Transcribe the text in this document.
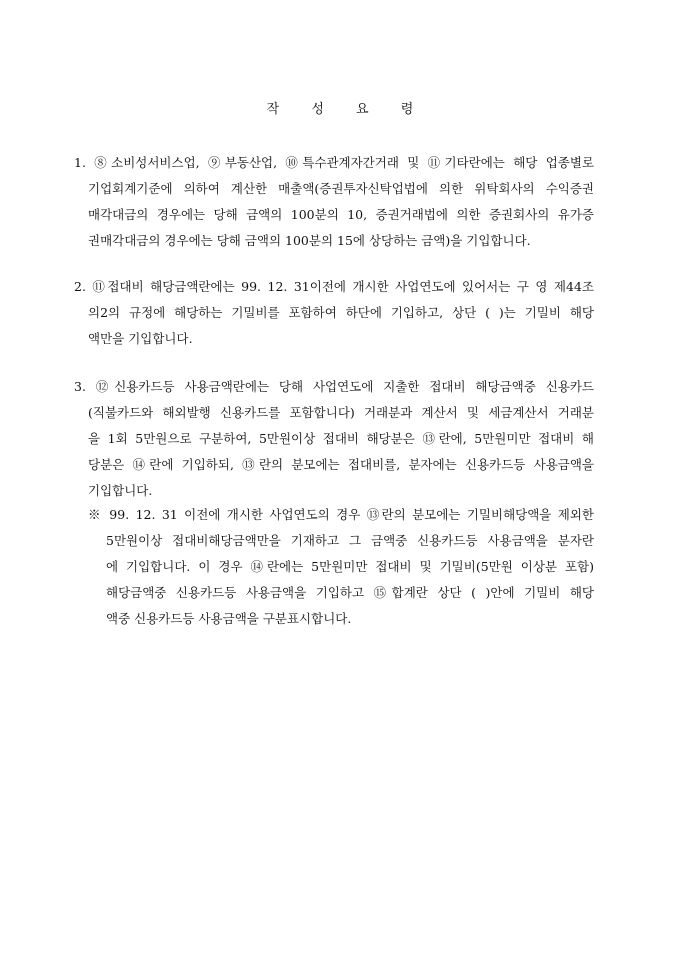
작 성 요 령
1. ⑧소비성서비스업, ⑨부동산업, ⑩특수관계자간거래 및 ⑪기타란에는 해당 업종별로
기업회계기준에 의하여 계산한 매출액(증권투자신탁업법에 의한 위탁회사의 수익증권
매각대금의 경우에는 당해 금액의 100분의 10, 증권거래법에 의한 증권회사의 유가증
권매각대금의 경우에는 당해 금액의 100분의 15에 상당하는 금액)을 기입합니다.
2. ⑪접대비 해당금액란에는 99. 12. 31이전에 개시한 사업연도에 있어서는 구 영 제44조
의2의 규정에 해당하는 기밀비를 포함하여 하단에 기입하고, 상단 ( )는 기밀비 해당
액만을 기입합니다.
3. ⑫신용카드등 사용금액란에는 당해 사업연도에 지출한 접대비 해당금액중 신용카드
(직불카드와 해외발행 신용카드를 포함합니다) 거래분과 계산서 및 세금계산서 거래분
을 1회 5만원으로 구분하여, 5만원이상 접대비 해당분은 ⑬란에, 5만원미만 접대비 해
당분은 ⑭란에 기입하되, ⑬란의 분모에는 접대비를, 분자에는 신용카드등 사용금액을
기입합니다.
※ 99. 12. 31 이전에 개시한 사업연도의 경우 ⑬란의 분모에는 기밀비해당액을 제외한
5만원이상 접대비해당금액만을 기재하고 그 금액중 신용카드등 사용금액을 분자란
에 기입합니다. 이 경우 ⑭란에는 5만원미만 접대비 및 기밀비(5만원 이상분 포함)
해당금액중 신용카드등 사용금액을 기입하고 ⑮합계란 상단 ( )안에 기밀비 해당
액중 신용카드등 사용금액을 구분표시합니다.
